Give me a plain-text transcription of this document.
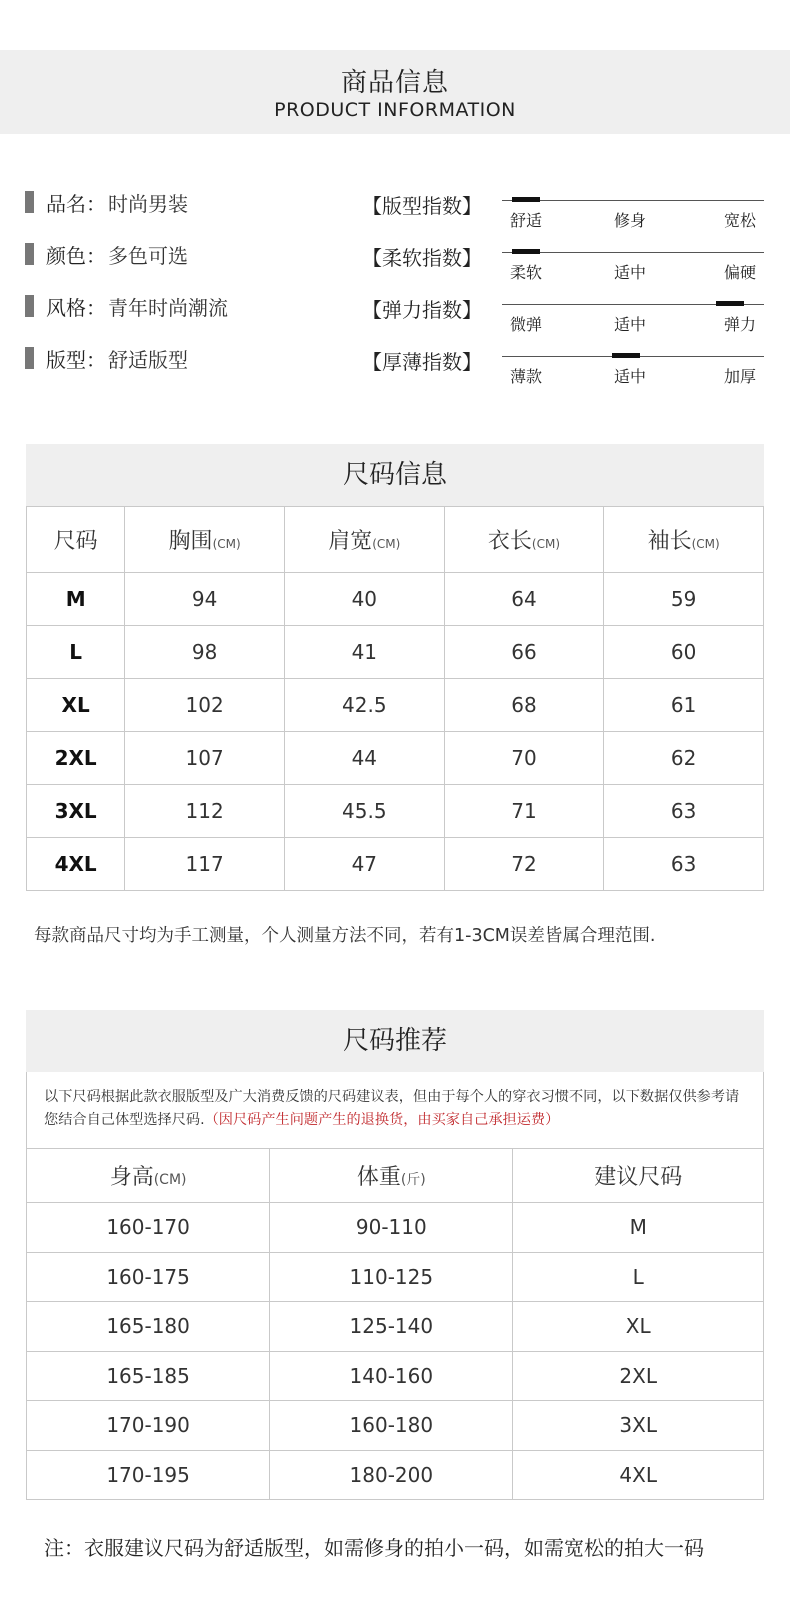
商品信息
PRODUCT INFORMATION
品名： 时尚男装
颜色： 多色可选
风格： 青年时尚潮流
版型： 舒适版型
【版型指数】
【柔软指数】
【弹力指数】
【厚薄指数】
舒适	修身	宽松
柔软	适中	偏硬
微弹	适中	弹力
薄款	适中	加厚
尺码信息
尺码	胸围(CM)	肩宽(CM)	衣长(CM)	袖长(CM)
M	94	40	64	59
L	98	41	66	60
XL	102	42.5	68	61
2XL	107	44	70	62
3XL	112	45.5	71	63
4XL	117	47	72	63
每款商品尺寸均为手工测量，个人测量方法不同，若有1-3CM误差皆属合理范围.
尺码推荐
以下尺码根据此款衣服版型及广大消费反馈的尺码建议表，但由于每个人的穿衣习惯不同，以下数据仅供参考请您结合自己体型选择尺码.（因尺码产生问题产生的退换货，由买家自己承担运费）
身高(CM)	体重(斤)	建议尺码
160-170	90-110	M
160-175	110-125	L
165-180	125-140	XL
165-185	140-160	2XL
170-190	160-180	3XL
170-195	180-200	4XL
注：衣服建议尺码为舒适版型，如需修身的拍小一码，如需宽松的拍大一码
